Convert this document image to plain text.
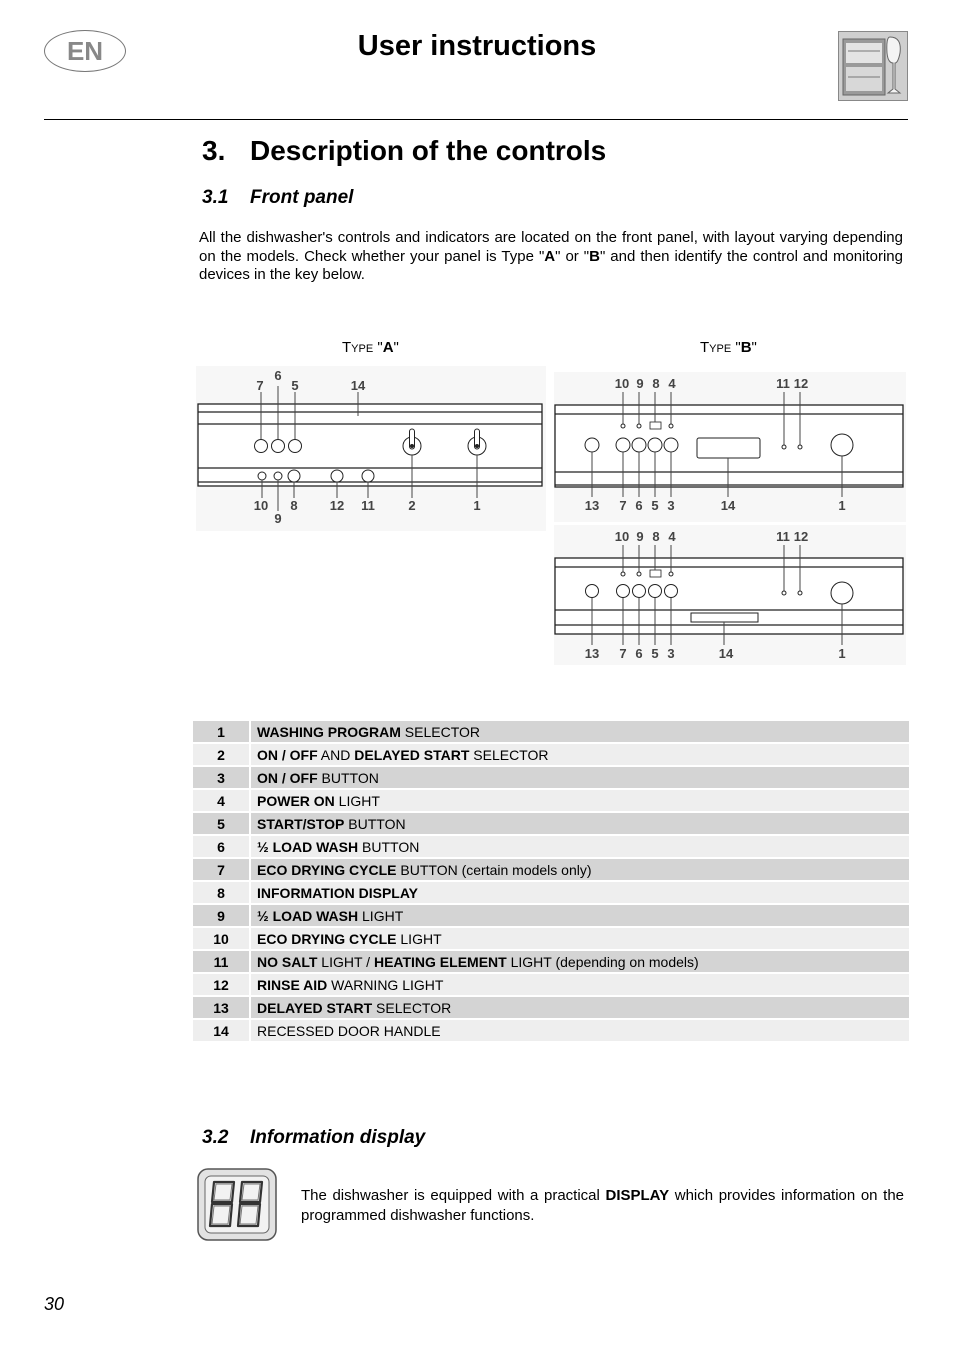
EN	User instructions
3. Description of the controls
3.1 Front panel
All the dishwasher's controls and indicators are located on the front panel, with layout varying depending on the models. Check whether your panel is Type "A" or "B" and then identify the control and monitoring devices in the key below.
TYPE "A"	TYPE "B"
7
6
5	14
10
9
8 12 11	2	1
10 9 8 4	11 12
13 7 6 5 3	14	1
10 9 8 4	11 12
13 7 6 5 3	14	1
1	WASHING PROGRAM SELECTOR
2	ON / OFF AND DELAYED START SELECTOR
3	ON / OFF BUTTON
4	POWER ON LIGHT
5	START/STOP BUTTON
6	½ LOAD WASH BUTTON
7	ECO DRYING CYCLE BUTTON (certain models only)
8	INFORMATION DISPLAY
9	½ LOAD WASH LIGHT
10	ECO DRYING CYCLE LIGHT
11	NO SALT LIGHT / HEATING ELEMENT LIGHT (depending on models)
12	RINSE AID WARNING LIGHT
13	DELAYED START SELECTOR
14	RECESSED DOOR HANDLE
3.2 Information display
The dishwasher is equipped with a practical DISPLAY which provides information on the programmed dishwasher functions.
30
